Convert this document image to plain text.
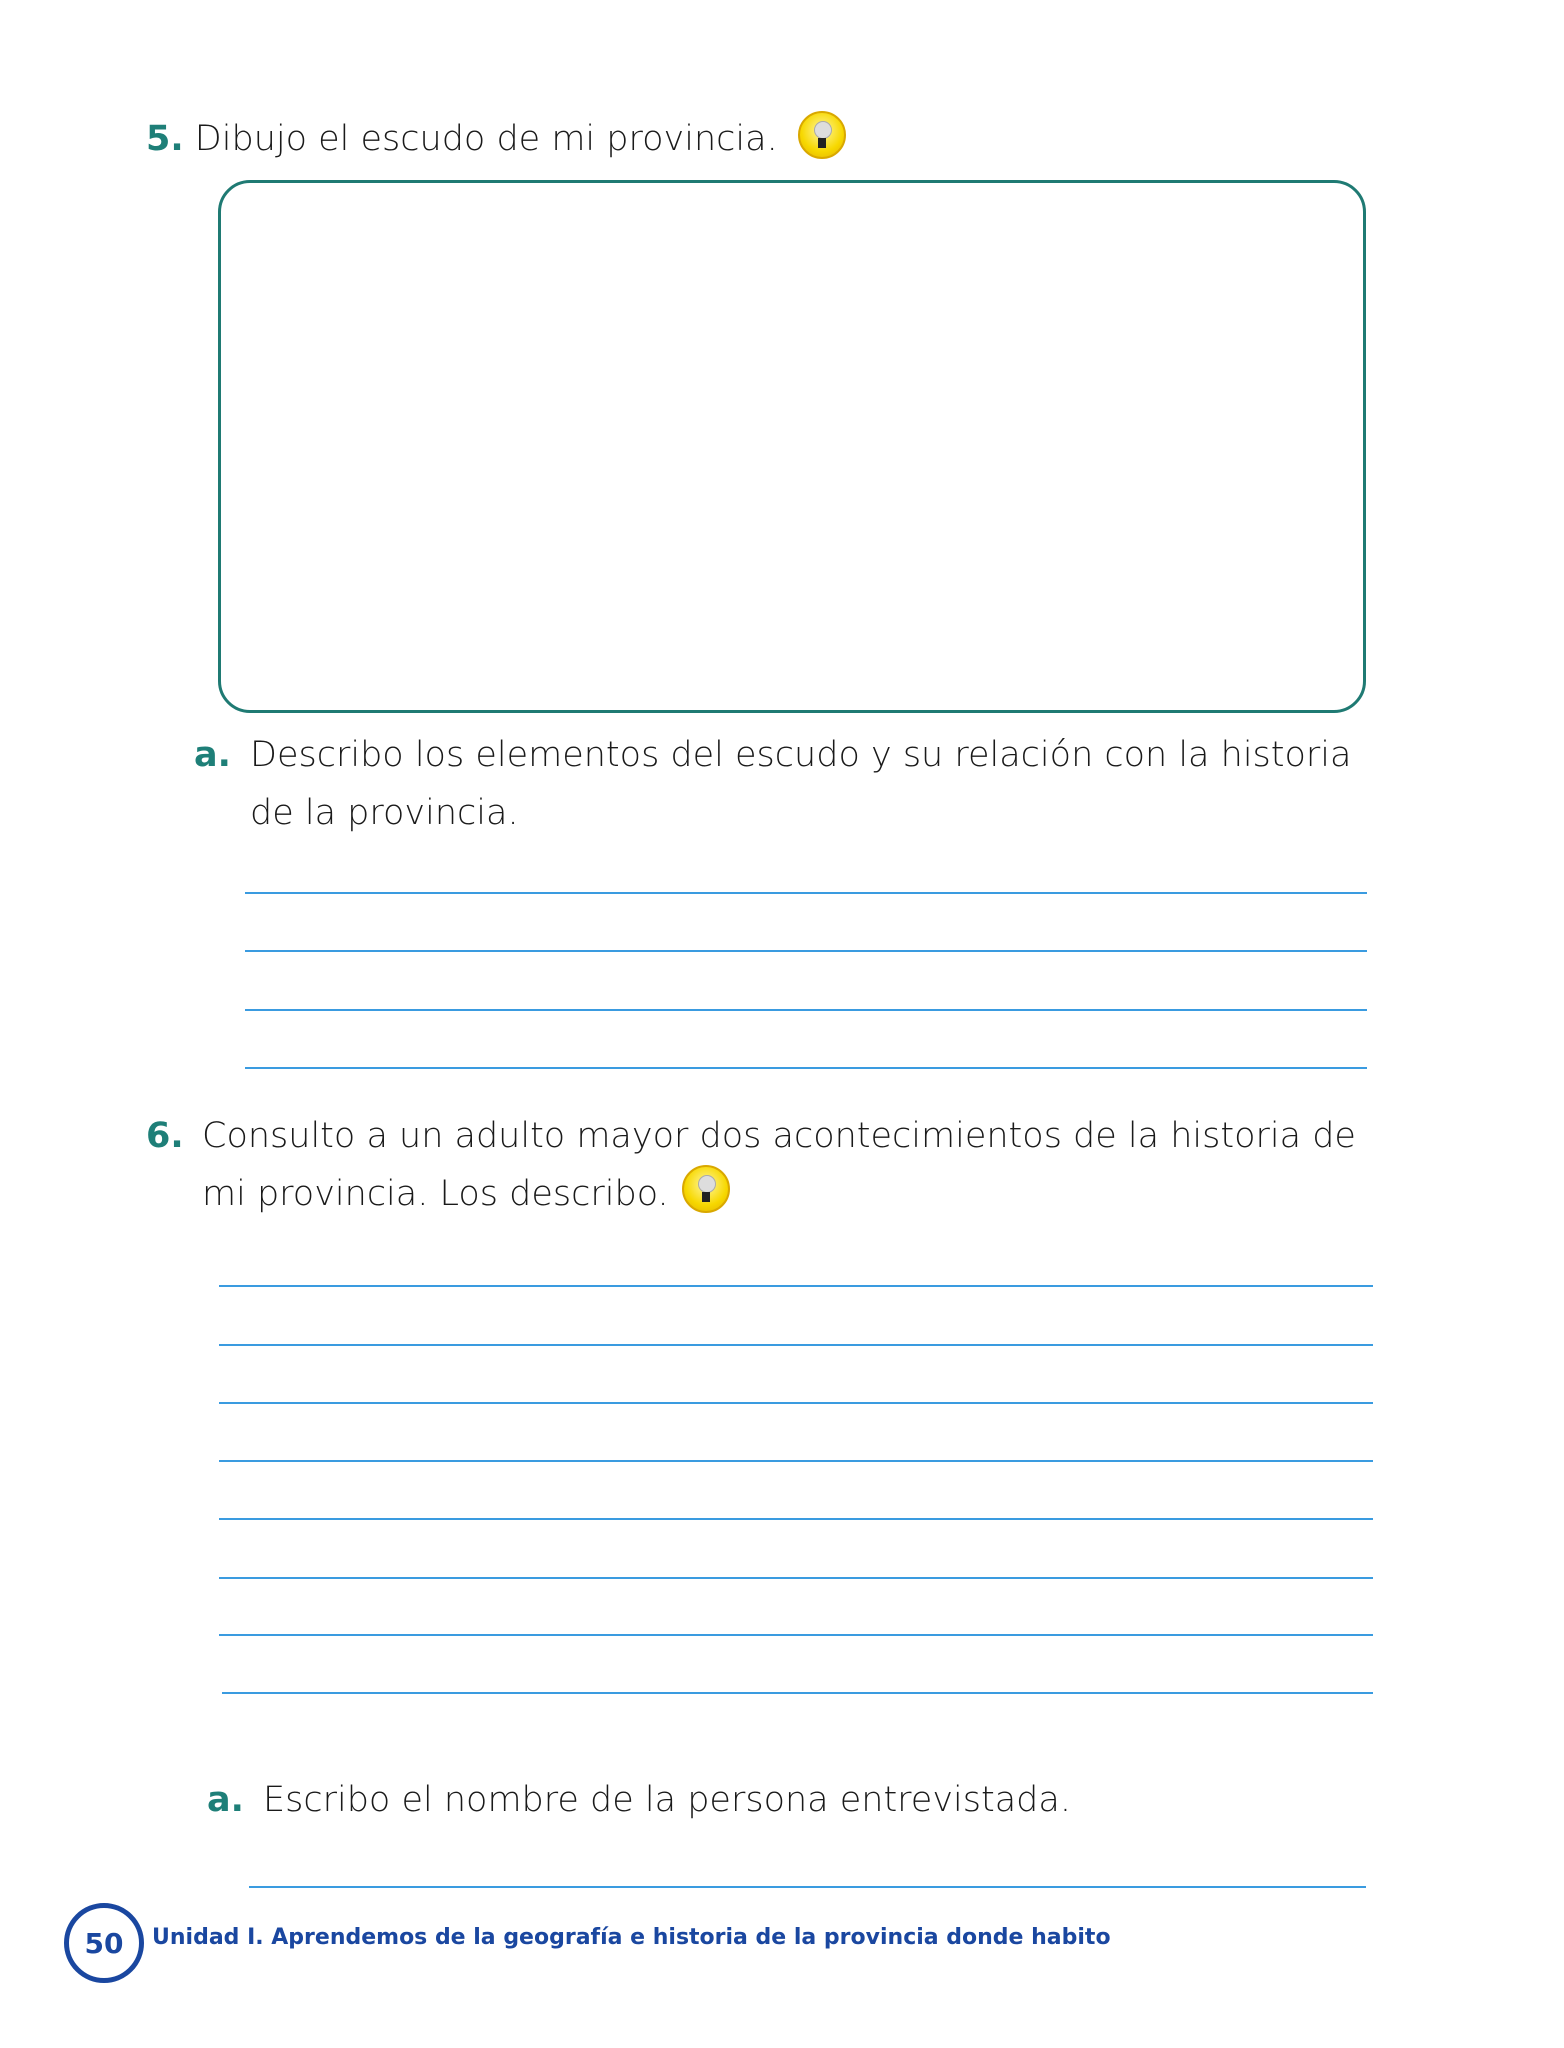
5. Dibujo el escudo de mi provincia.
a. Describo los elementos del escudo y su relación con la historia
de la provincia.
6. Consulto a un adulto mayor dos acontecimientos de la historia de
mi provincia. Los describo.
a. Escribo el nombre de la persona entrevistada.
50	Unidad I. Aprendemos de la geografía e historia de la provincia donde habito
